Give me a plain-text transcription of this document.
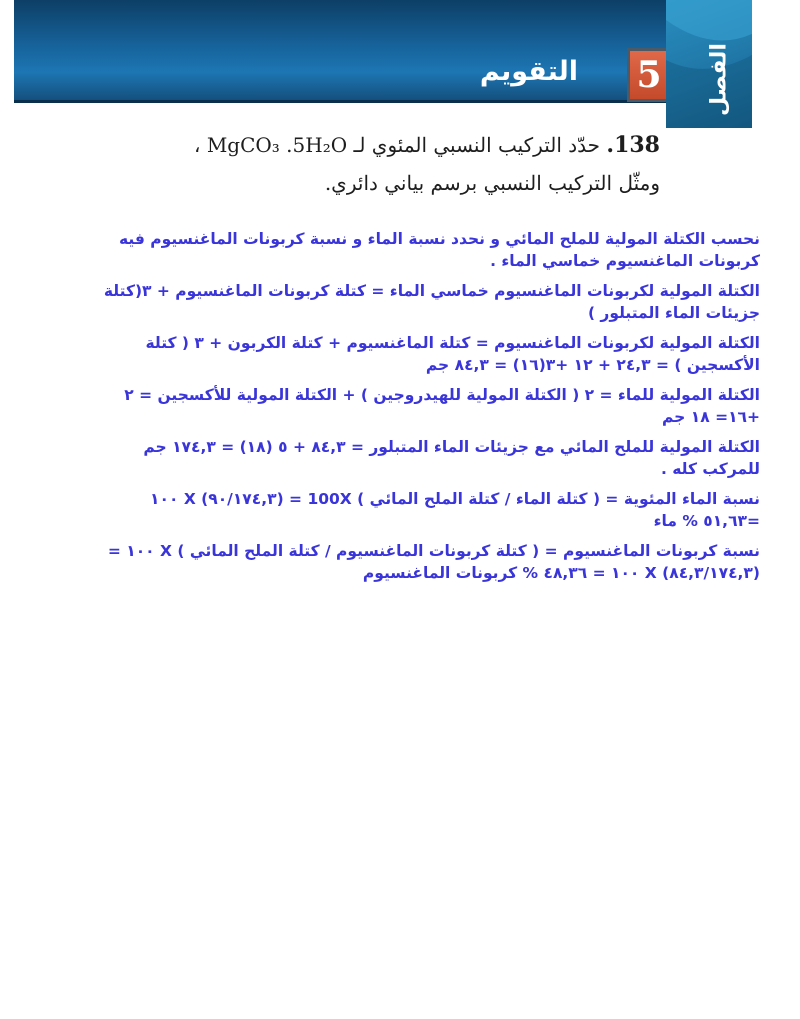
التقويم 5	الفصل
138. حدّد التركيب النسبي المئوي لـ MgCO₃ .5H₂O ،
ومثّل التركيب النسبي برسم بياني دائري.

نحسب الكتلة المولية للملح المائي و نحدد نسبة الماء و نسبة كربونات الماغنسيوم فيه كربونات الماغنسيوم خماسي الماء .

الكتلة المولية لكربونات الماغنسيوم خماسي الماء = كتلة كربونات الماغنسيوم + ٣(كتلة جزيئات الماء المتبلور )

الكتلة المولية لكربونات الماغنسيوم = كتلة الماغنسيوم + كتلة الكربون + ٣ ( كتلة الأكسجين ) = ٢٤,٣ + ١٢ +٣(١٦) = ٨٤,٣ جم

الكتلة المولية للماء = ٢ ( الكتلة المولية للهيدروجين ) + الكتلة المولية للأكسجين = ٢ +١٦= ١٨ جم

الكتلة المولية للملح المائي مع جزيئات الماء المتبلور = ٨٤,٣ + ٥ (١٨) = ١٧٤,٣ جم للمركب كله .

نسبة الماء المئوية = ( كتلة الماء / كتلة الملح المائي ) 100X = (٩٠/١٧٤,٣) X ١٠٠ =٥١,٦٣ % ماء

نسبة كربونات الماغنسيوم = ( كتلة كربونات الماغنسيوم / كتلة الملح المائي ) X ١٠٠ = (٨٤,٣/١٧٤,٣) X ١٠٠ = ٤٨,٣٦ % كربونات الماغنسيوم
